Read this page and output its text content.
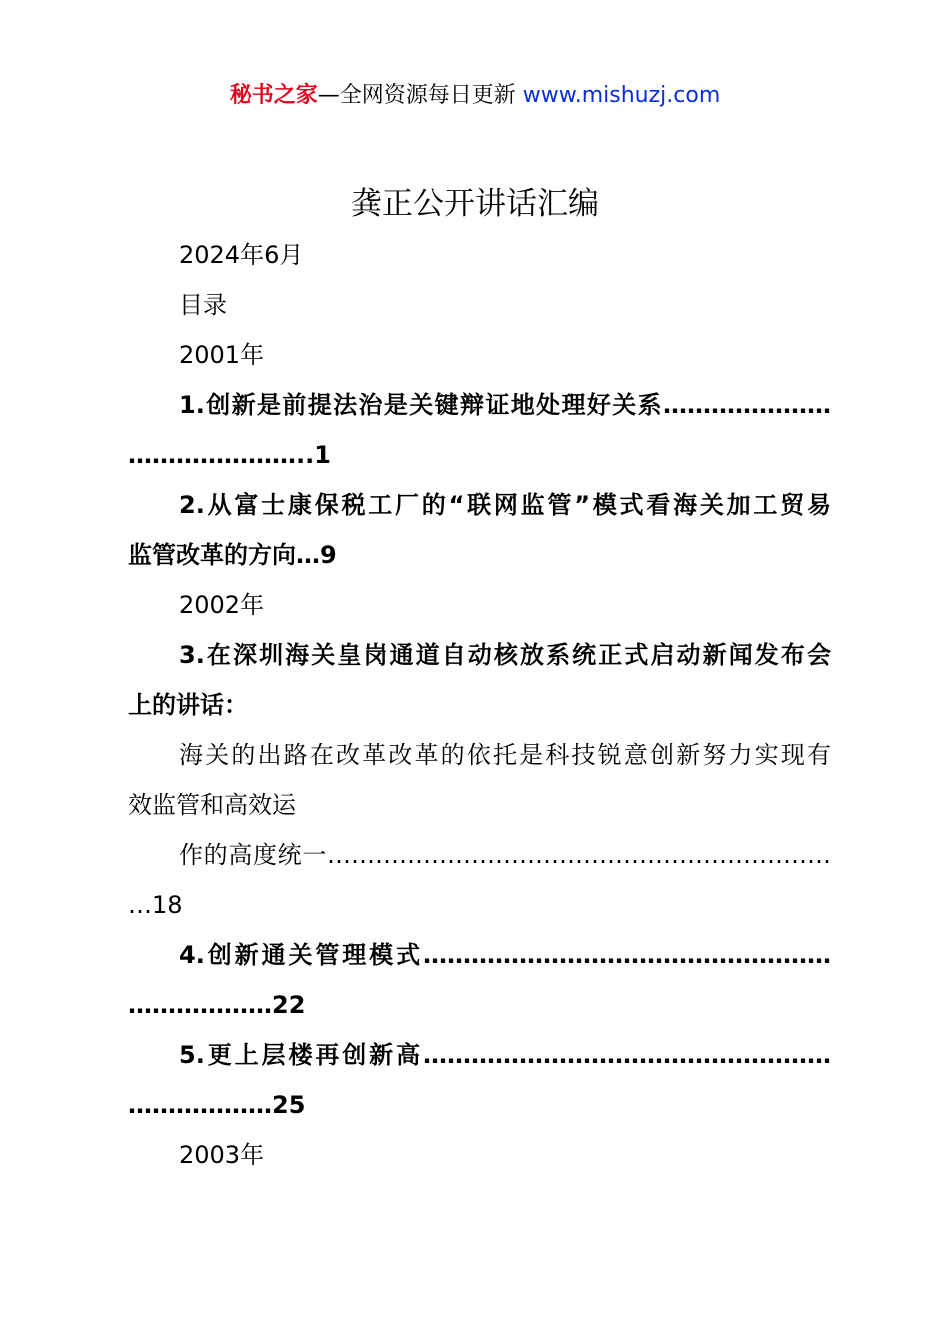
秘书之家—全网资源每日更新 www.mishuzj.com
龚正公开讲话汇编
2024年6月
目录
2001年
1.创新是前提法治是关键辩证地处理好关系…………………
…………………..1
2.从富士康保税工厂的“联网监管”模式看海关加工贸易
监管改革的方向…9
2002年
3.在深圳海关皇岗通道自动核放系统正式启动新闻发布会
上的讲话：
海关的出路在改革改革的依托是科技锐意创新努力实现有
效监管和高效运
作的高度统一………………………………………………………
…18
4.创新通关管理模式……………………………………………
………………22
5.更上层楼再创新高……………………………………………
………………25
2003年
